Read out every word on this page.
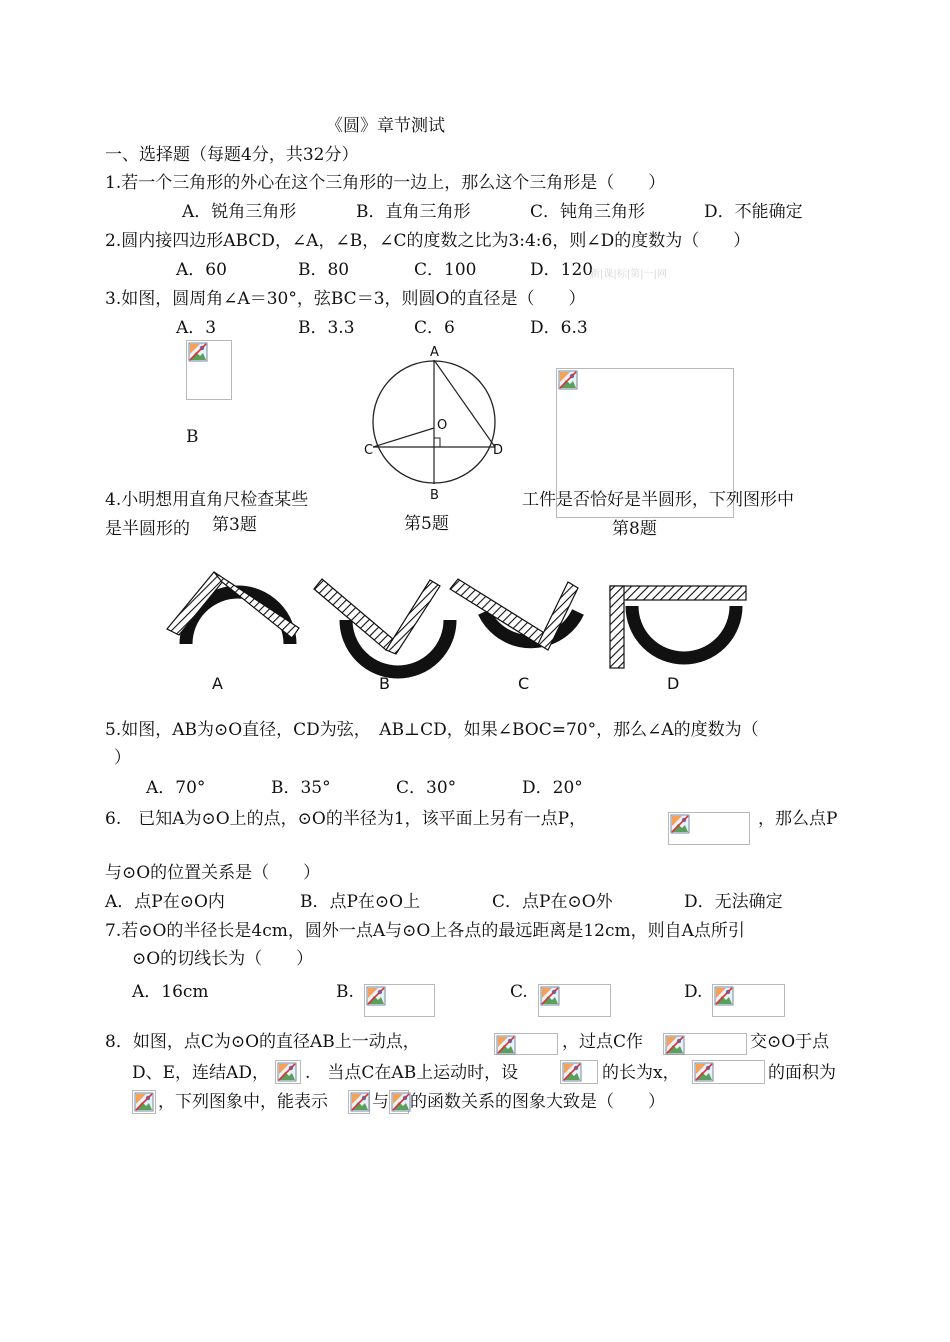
《圆》章节测试
一、选择题（每题4分，共32分）
1.若一个三角形的外心在这个三角形的一边上，那么这个三角形是（　　）
A．锐角三角形	B．直角三角形	C．钝角三角形	D．不能确定
2.圆内接四边形ABCD，∠A，∠B，∠C的度数之比为3:4:6，则∠D的度数为（　　）
A．60	B．80	C．100	D．120
新|课|标|第|一|网
3.如图，圆周角∠A＝30°，弦BC＝3，则圆O的直径是（　　）
A．3	B．3.3	C．6	D．6.3
B
A
O
C	D
B
4.小明想用直角尺检查某些	工件是否恰好是半圆形，下列图形中
是半圆形的 第3题	第5题	第8题
A	B	C	D
5.如图，AB为⊙O直径，CD为弦，　AB⊥CD，如果∠BOC=70°，那么∠A的度数为（
）
A．70°	B．35°	C．30°	D．20°
6.　已知A为⊙O上的点，⊙O的半径为1，该平面上另有一点P，	，那么点P
与⊙O的位置关系是（　　）
A．点P在⊙O内	B．点P在⊙O上	C．点P在⊙O外	D．无法确定
7.若⊙O的半径长是4cm，圆外一点A与⊙O上各点的最远距离是12cm，则自A点所引
⊙O的切线长为（　　）
A．16cm	B.	C.	D.
8．如图，点C为⊙O的直径AB上一动点，	，过点C作	交⊙O于点
D、E，连结AD， .　当点C在AB上运动时，设	的长为x，	的面积为
，下列图象中，能表示	与 的函数关系的图象大致是（　　）
